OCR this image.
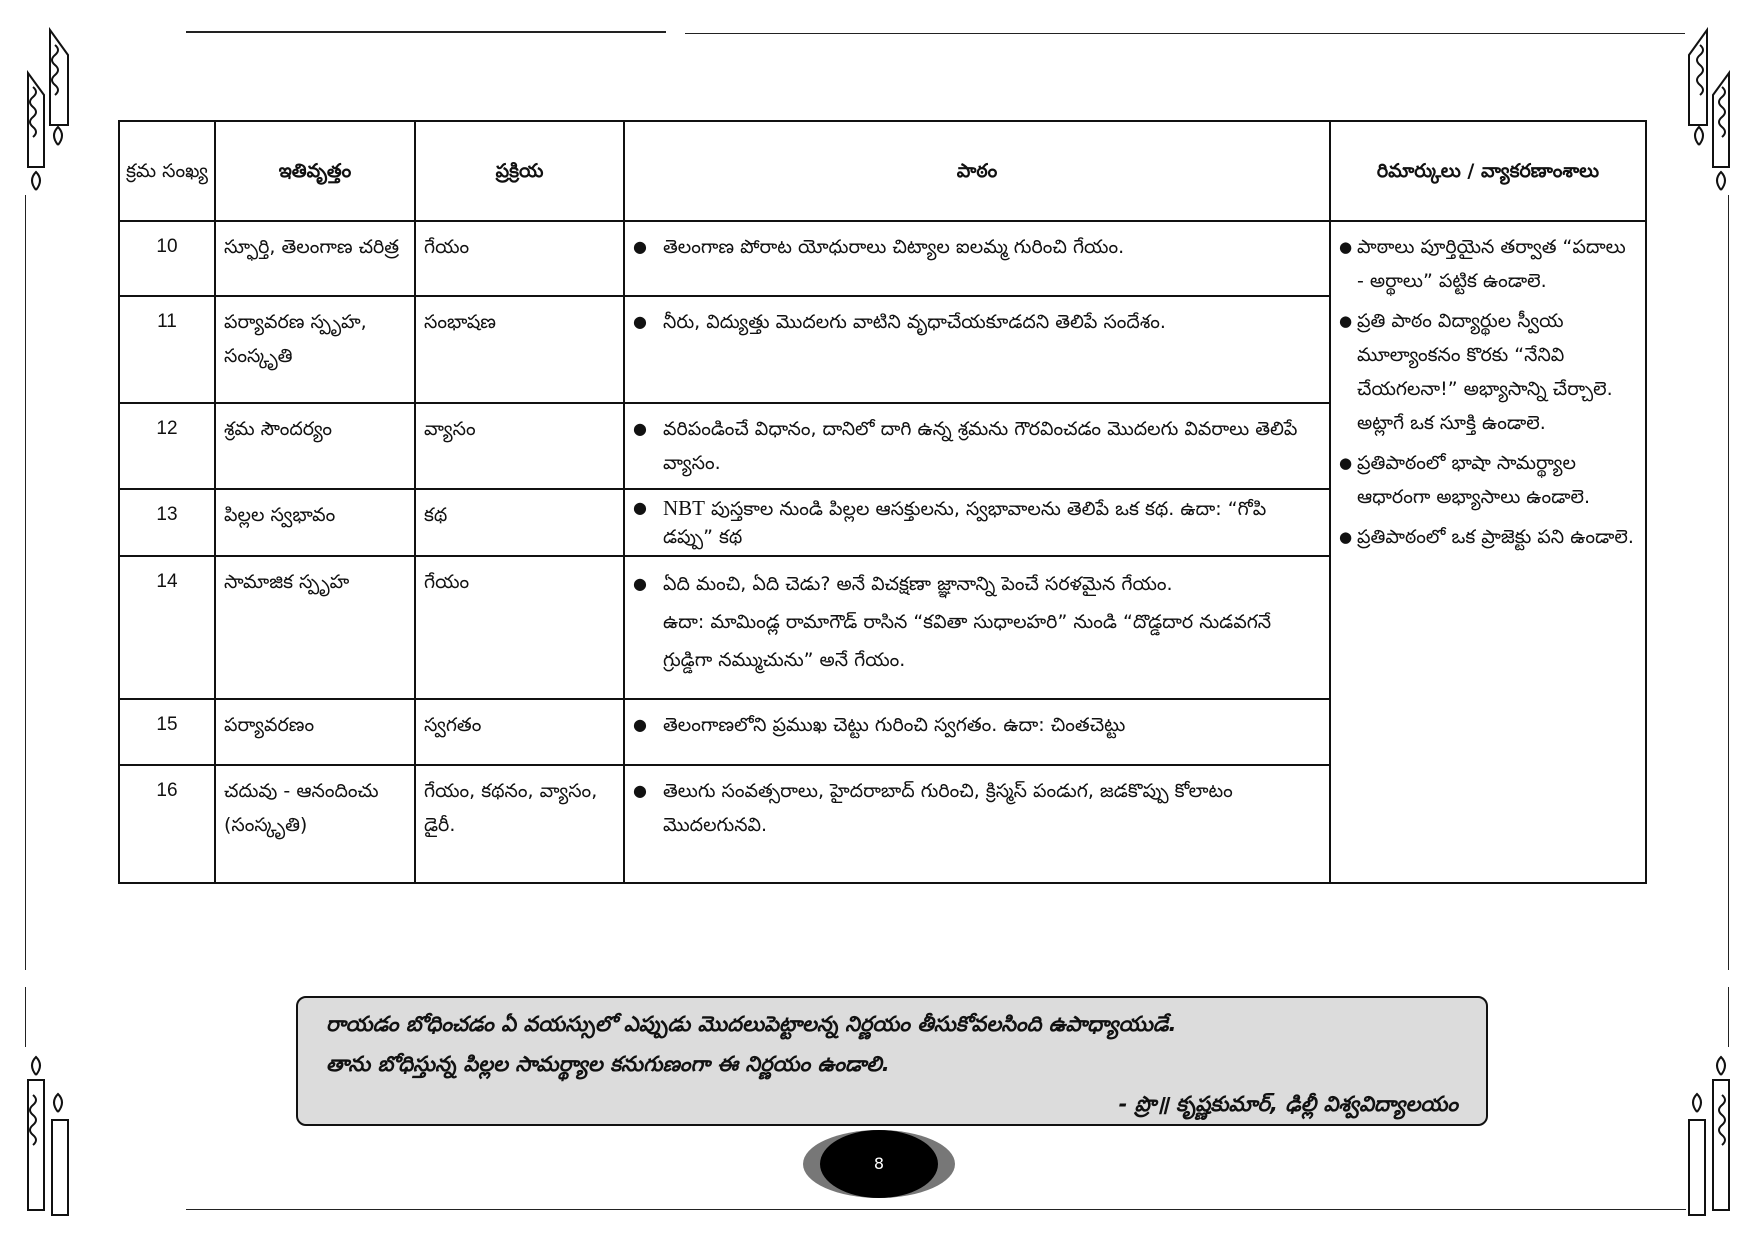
క్రమ సంఖ్య	ఇతివృత్తం	ప్రక్రియ	పాఠం	రిమార్కులు / వ్యాకరణాంశాలు
10	స్ఫూర్తి, తెలంగాణ చరిత్ర	గేయం	● తెలంగాణ పోరాట యోధురాలు చిట్యాల ఐలమ్మ గురించి గేయం.	● పాఠాలు పూర్తియైన తర్వాత “పదాలు - అర్థాలు” పట్టిక ఉండాలె.
● ప్రతి పాఠం విద్యార్థుల స్వీయ మూల్యాంకనం కొరకు “నేనివి చేయగలనా!” అభ్యాసాన్ని చేర్చాలె. అట్లాగే ఒక సూక్తి ఉండాలె.
● ప్రతిపాఠంలో భాషా సామర్థ్యాల ఆధారంగా అభ్యాసాలు ఉండాలె.
● ప్రతిపాఠంలో ఒక ప్రాజెక్టు పని ఉండాలె.

11	పర్యావరణ స్పృహ, సంస్కృతి	సంభాషణ	● నీరు, విద్యుత్తు మొదలగు వాటిని వృధాచేయకూడదని తెలిపే సందేశం.	
12	శ్రమ సౌందర్యం	వ్యాసం	● వరిపండించే విధానం, దానిలో దాగి ఉన్న శ్రమను గౌరవించడం మొదలగు వివరాలు తెలిపే వ్యాసం.	
13	పిల్లల స్వభావం	కథ	● NBT పుస్తకాల నుండి పిల్లల ఆసక్తులను, స్వభావాలను తెలిపే ఒక కథ. ఉదా: “గోపి డప్పు” కథ	
14	సామాజిక స్పృహ	గేయం	● ఏది మంచి, ఏది చెడు? అనే విచక్షణా జ్ఞానాన్ని పెంచే సరళమైన గేయం.
ఉదా: మామిండ్ల రామాగౌడ్ రాసిన “కవితా సుధాలహరి” నుండి “దొడ్డదార నుడవగనే గ్రుడ్డిగా నమ్ముచును” అనే గేయం.	
15	పర్యావరణం	స్వగతం	● తెలంగాణలోని ప్రముఖ చెట్టు గురించి స్వగతం. ఉదా: చింతచెట్టు	
16	చదువు - ఆనందించు (సంస్కృతి)	గేయం, కథనం, వ్యాసం, డైరీ.	● తెలుగు సంవత్సరాలు, హైదరాబాద్ గురించి, క్రిస్మస్ పండుగ, జడకొప్పు కోలాటం మొదలగునవి.	
రాయడం బోధించడం ఏ వయస్సులో ఎప్పుడు మొదలుపెట్టాలన్న నిర్ణయం తీసుకోవలసింది ఉపాధ్యాయుడే.
తాను బోధిస్తున్న పిల్లల సామర్థ్యాల కనుగుణంగా ఈ నిర్ణయం ఉండాలి.
- ప్రొ॥ కృష్ణకుమార్, ఢిల్లీ విశ్వవిద్యాలయం
8
